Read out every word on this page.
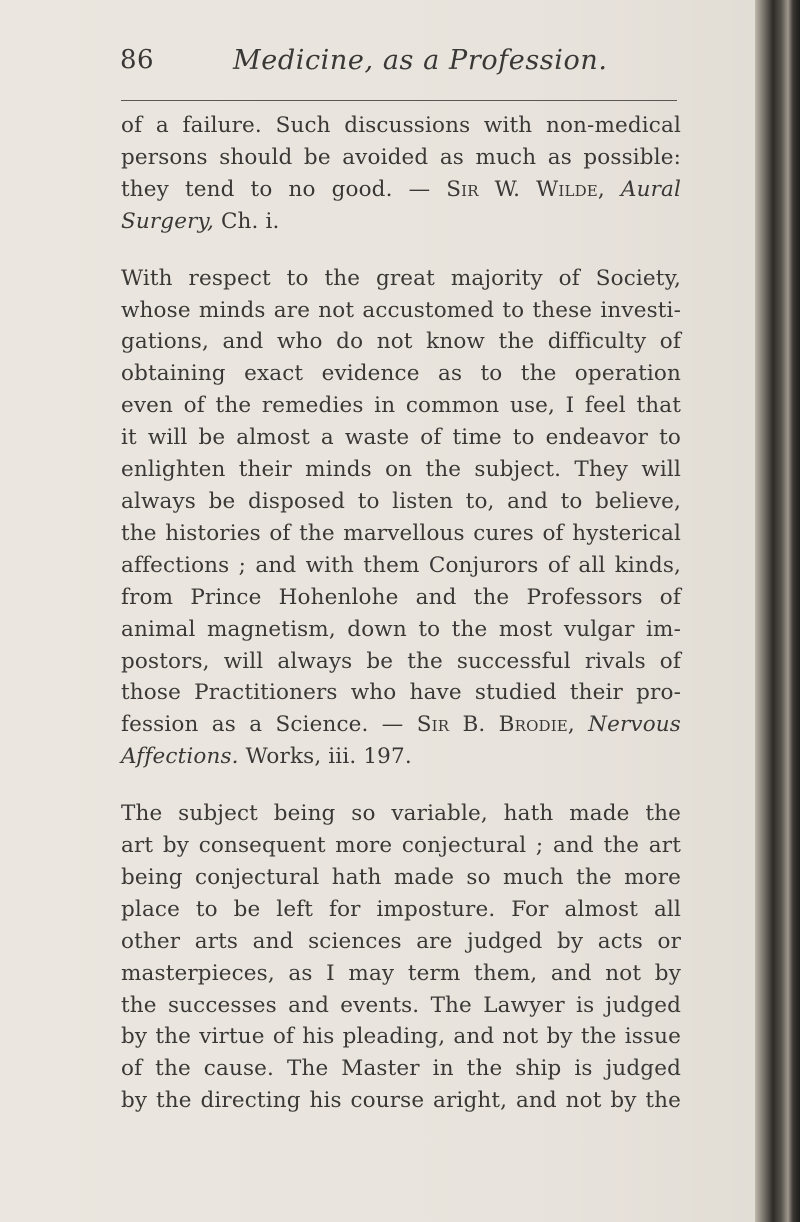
86	Medicine, as a Profession.

of a failure. Such discussions with non-medical
persons should be avoided as much as possible:
they tend to no good. — Sir W. Wilde, Aural
Surgery, Ch. i.

With respect to the great majority of Society,
whose minds are not accustomed to these investi-
gations, and who do not know the difficulty of
obtaining exact evidence as to the operation
even of the remedies in common use, I feel that
it will be almost a waste of time to endeavor to
enlighten their minds on the subject. They will
always be disposed to listen to, and to believe,
the histories of the marvellous cures of hysterical
affections ; and with them Conjurors of all kinds,
from Prince Hohenlohe and the Professors of
animal magnetism, down to the most vulgar im-
postors, will always be the successful rivals of
those Practitioners who have studied their pro-
fession as a Science. — Sir B. Brodie, Nervous
Affections. Works, iii. 197.

The subject being so variable, hath made the
art by consequent more conjectural ; and the art
being conjectural hath made so much the more
place to be left for imposture. For almost all
other arts and sciences are judged by acts or
masterpieces, as I may term them, and not by
the successes and events. The Lawyer is judged
by the virtue of his pleading, and not by the issue
of the cause. The Master in the ship is judged
by the directing his course aright, and not by the
